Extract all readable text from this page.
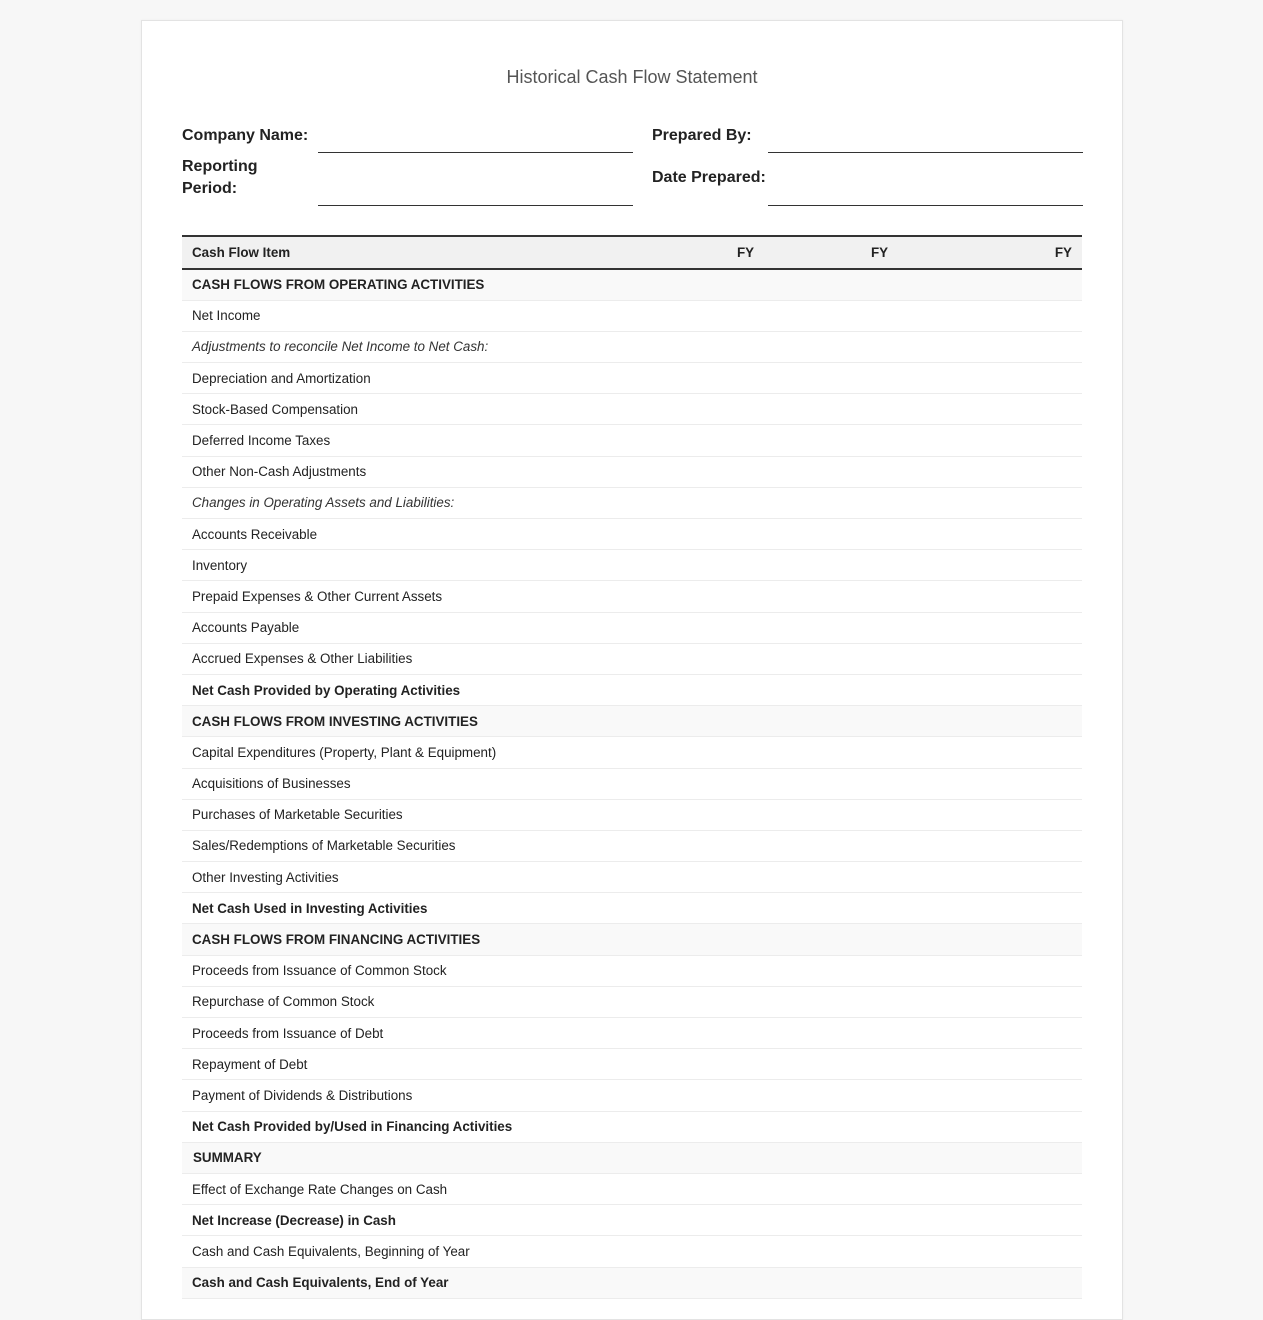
Historical Cash Flow Statement
Company Name:	Prepared By:
Reporting
Period:
Date Prepared:
Cash Flow Item	FY	FY	FY
CASH FLOWS FROM OPERATING ACTIVITIES			
Net Income			
Adjustments to reconcile Net Income to Net Cash:			
Depreciation and Amortization			
Stock-Based Compensation			
Deferred Income Taxes			
Other Non-Cash Adjustments			
Changes in Operating Assets and Liabilities:			
Accounts Receivable			
Inventory			
Prepaid Expenses & Other Current Assets			
Accounts Payable			
Accrued Expenses & Other Liabilities			
Net Cash Provided by Operating Activities			
CASH FLOWS FROM INVESTING ACTIVITIES			
Capital Expenditures (Property, Plant & Equipment)			
Acquisitions of Businesses			
Purchases of Marketable Securities			
Sales/Redemptions of Marketable Securities			
Other Investing Activities			
Net Cash Used in Investing Activities			
CASH FLOWS FROM FINANCING ACTIVITIES			
Proceeds from Issuance of Common Stock			
Repurchase of Common Stock			
Proceeds from Issuance of Debt			
Repayment of Debt			
Payment of Dividends & Distributions			
Net Cash Provided by/Used in Financing Activities			
SUMMARY			
Effect of Exchange Rate Changes on Cash			
Net Increase (Decrease) in Cash			
Cash and Cash Equivalents, Beginning of Year			
Cash and Cash Equivalents, End of Year			
